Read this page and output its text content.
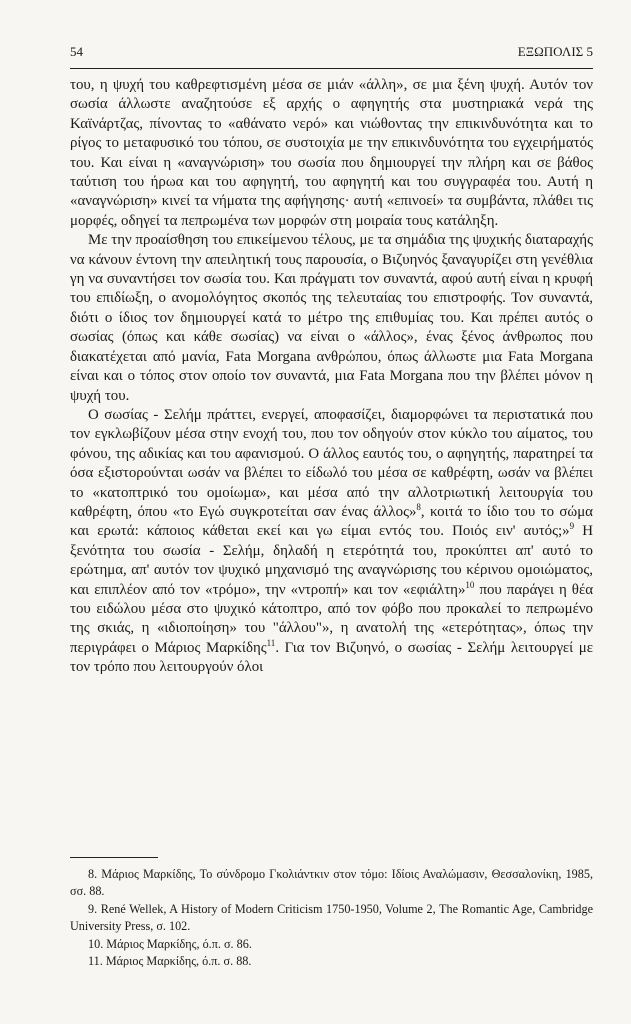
54	ΕΞΩΠΟΛΙΣ 5

του, η ψυχή του καθρεφτισμένη μέσα σε μιάν «άλλη», σε μια ξένη ψυχή. Αυτόν τον σωσία άλλωστε αναζητούσε εξ αρχής ο αφηγητής στα μυστηριακά νερά της Καϊνάρτζας, πίνοντας το «αθάνατο νερό» και νιώθοντας την επικινδυνότητα και το ρίγος το μεταφυσικό του τόπου, σε συστοιχία με την επικινδυνότητα του εγχειρήματός του. Και είναι η «αναγνώριση» του σωσία που δημιουργεί την πλήρη και σε βάθος ταύτιση του ήρωα και του αφηγητή, του αφηγητή και του συγγραφέα του. Αυτή η «αναγνώριση» κινεί τα νήματα της αφήγησης· αυτή «επινοεί» τα συμβάντα, πλάθει τις μορφές, οδηγεί τα πεπρωμένα των μορφών στη μοιραία τους κατάληξη.

Με την προαίσθηση του επικείμενου τέλους, με τα σημάδια της ψυχικής διαταραχής να κάνουν έντονη την απειλητική τους παρουσία, ο Βιζυηνός ξαναγυρίζει στη γενέθλια γη να συναντήσει τον σωσία του. Και πράγματι τον συναντά, αφού αυτή είναι η κρυφή του επιδίωξη, ο ανομολόγητος σκοπός της τελευταίας του επιστροφής. Τον συναντά, διότι ο ίδιος τον δημιουργεί κατά το μέτρο της επιθυμίας του. Και πρέπει αυτός ο σωσίας (όπως και κάθε σωσίας) να είναι ο «άλλος», ένας ξένος άνθρωπος που διακατέχεται από μανία, Fata Morgana ανθρώπου, όπως άλλωστε μια Fata Morgana είναι και ο τόπος στον οποίο τον συναντά, μια Fata Morgana που την βλέπει μόνον η ψυχή του.

Ο σωσίας - Σελήμ πράττει, ενεργεί, αποφασίζει, διαμορφώνει τα περιστατικά που τον εγκλωβίζουν μέσα στην ενοχή του, που τον οδηγούν στον κύκλο του αίματος, του φόνου, της αδικίας και του αφανισμού. Ο άλλος εαυτός του, ο αφηγητής, παρατηρεί τα όσα εξιστορούνται ωσάν να βλέπει το είδωλό του μέσα σε καθρέφτη, ωσάν να βλέπει το «κατοπτρικό του ομοίωμα», και μέσα από την αλλοτριωτική λειτουργία του καθρέφτη, όπου «το Εγώ συγκροτείται σαν ένας άλλος»$^8$, κοιτά το ίδιο του το σώμα και ερωτά: κάποιος κάθεται εκεί και γω είμαι εντός του. Ποιός ειν' αυτός;»$^9$ Η ξενότητα του σωσία - Σελήμ, δηλαδή η ετερότητά του, προκύπτει απ' αυτό το ερώτημα, απ' αυτόν τον ψυχικό μηχανισμό της αναγνώρισης του κέρινου ομοιώματος, και επιπλέον από τον «τρόμο», την «ντροπή» και τον «εφιάλτη»$^{10}$ που παράγει η θέα του ειδώλου μέσα στο ψυχικό κάτοπτρο, από τον φόβο που προκαλεί το πεπρωμένο της σκιάς, η «ιδιοποίηση» του "άλλου"», η ανατολή της «ετερότητας», όπως την περιγράφει ο Μάριος Μαρκίδης$^{11}$. Για τον Βιζυηνό, ο σωσίας - Σελήμ λειτουργεί με τον τρόπο που λειτουργούν όλοι

8. Μάριος Μαρκίδης, Το σύνδρομο Γκολιάντκιν στον τόμο: Ιδίοις Αναλώμασιν, Θεσσαλονίκη, 1985, σσ. 88.

9. René Wellek, A History of Modern Criticism 1750-1950, Volume 2, The Romantic Age, Cambridge University Press, σ. 102.

10. Μάριος Μαρκίδης, ό.π. σ. 86.

11. Μάριος Μαρκίδης, ό.π. σ. 88.
